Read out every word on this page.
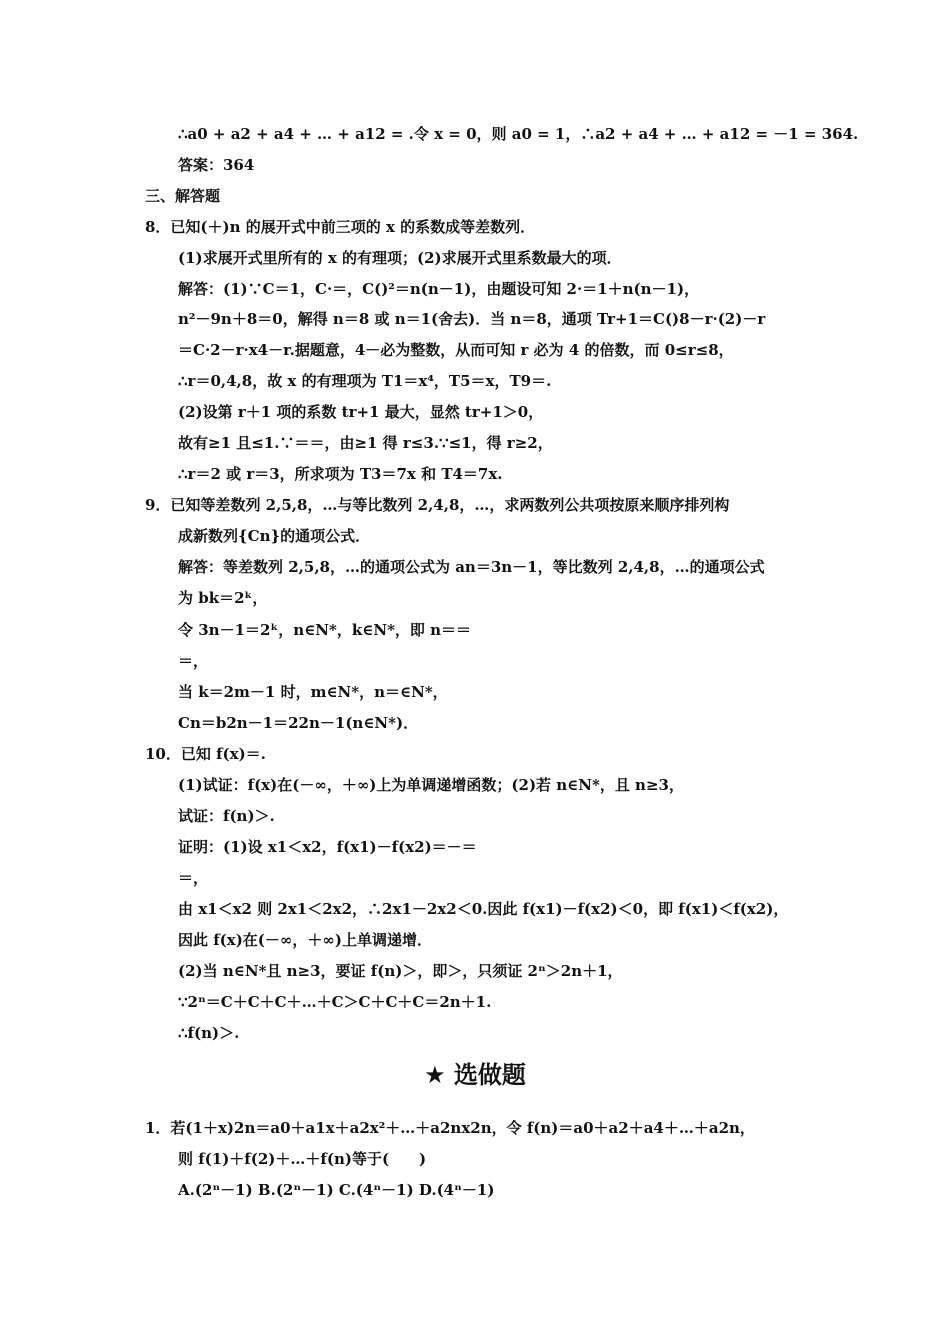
∴a0 + a2 + a4 + … + a12 = .令 x = 0，则 a0 = 1，∴a2 + a4 + … + a12 = －1 = 364.
答案：364
三、解答题
8．已知(＋)n 的展开式中前三项的 x 的系数成等差数列．
(1)求展开式里所有的 x 的有理项；(2)求展开式里系数最大的项．
解答：(1)∵C＝1，C·＝，C()²＝n(n－1)，由题设可知 2·＝1＋n(n－1)，
n²－9n＋8＝0，解得 n＝8 或 n＝1(舍去)．当 n＝8，通项 Tr+1＝C()8－r·(2)－r
＝C·2－r·x4－r.据题意，4－必为整数，从而可知 r 必为 4 的倍数，而 0≤r≤8，
∴r＝0,4,8，故 x 的有理项为 T1＝x⁴，T5＝x，T9＝.
(2)设第 r＋1 项的系数 tr+1 最大，显然 tr+1＞0，
故有≥1 且≤1.∵＝＝，由≥1 得 r≤3.∵≤1，得 r≥2，
∴r＝2 或 r＝3，所求项为 T3＝7x 和 T4＝7x.
9．已知等差数列 2,5,8，…与等比数列 2,4,8，…，求两数列公共项按原来顺序排列构
成新数列{Cn}的通项公式．
解答：等差数列 2,5,8，…的通项公式为 an＝3n－1，等比数列 2,4,8，…的通项公式
为 bk＝2ᵏ，
令 3n－1＝2ᵏ，n∈N*，k∈N*，即 n＝＝
＝，
当 k＝2m－1 时，m∈N*，n＝∈N*，
Cn＝b2n－1＝22n－1(n∈N*)．
10．已知 f(x)＝.
(1)试证：f(x)在(－∞，＋∞)上为单调递增函数；(2)若 n∈N*，且 n≥3，
试证：f(n)＞.
证明：(1)设 x1＜x2，f(x1)－f(x2)＝－＝
＝，
由 x1＜x2 则 2x1＜2x2，∴2x1－2x2＜0.因此 f(x1)－f(x2)＜0，即 f(x1)＜f(x2)，
因此 f(x)在(－∞，＋∞)上单调递增．
(2)当 n∈N*且 n≥3，要证 f(n)＞，即＞，只须证 2ⁿ＞2n＋1，
∵2ⁿ＝C＋C＋C＋…＋C＞C＋C＋C＝2n＋1.
∴f(n)＞.
★ 选做题
1．若(1＋x)2n＝a0＋a1x＋a2x²＋…＋a2nx2n，令 f(n)＝a0＋a2＋a4＋…＋a2n，
则 f(1)＋f(2)＋…＋f(n)等于(　　)
A.(2ⁿ－1) B.(2ⁿ－1) C.(4ⁿ－1) D.(4ⁿ－1)
